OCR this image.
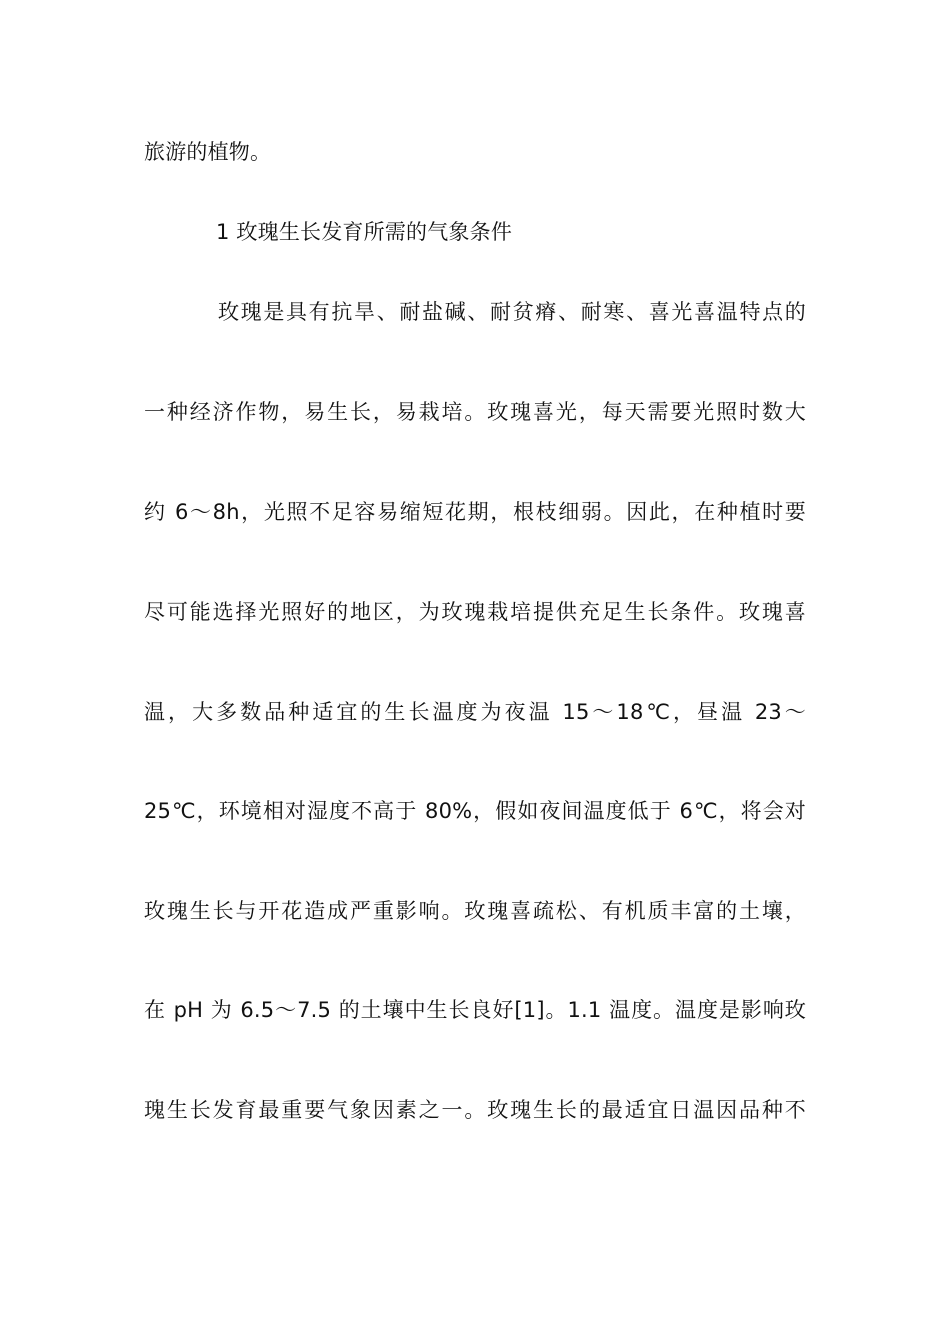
旅游的植物。
1 玫瑰生长发育所需的气象条件
玫瑰是具有抗旱、耐盐碱、耐贫瘠、耐寒、喜光喜温特点的
一种经济作物，易生长，易栽培。玫瑰喜光，每天需要光照时数大
约 6～8h，光照不足容易缩短花期，根枝细弱。因此，在种植时要
尽可能选择光照好的地区，为玫瑰栽培提供充足生长条件。玫瑰喜
温，大多数品种适宜的生长温度为夜温 15～18℃，昼温 23～
25℃，环境相对湿度不高于 80%，假如夜间温度低于 6℃，将会对
玫瑰生长与开花造成严重影响。玫瑰喜疏松、有机质丰富的土壤，
在 pH 为 6.5～7.5 的土壤中生长良好[1]。1.1 温度。温度是影响玫
瑰生长发育最重要气象因素之一。玫瑰生长的最适宜日温因品种不
